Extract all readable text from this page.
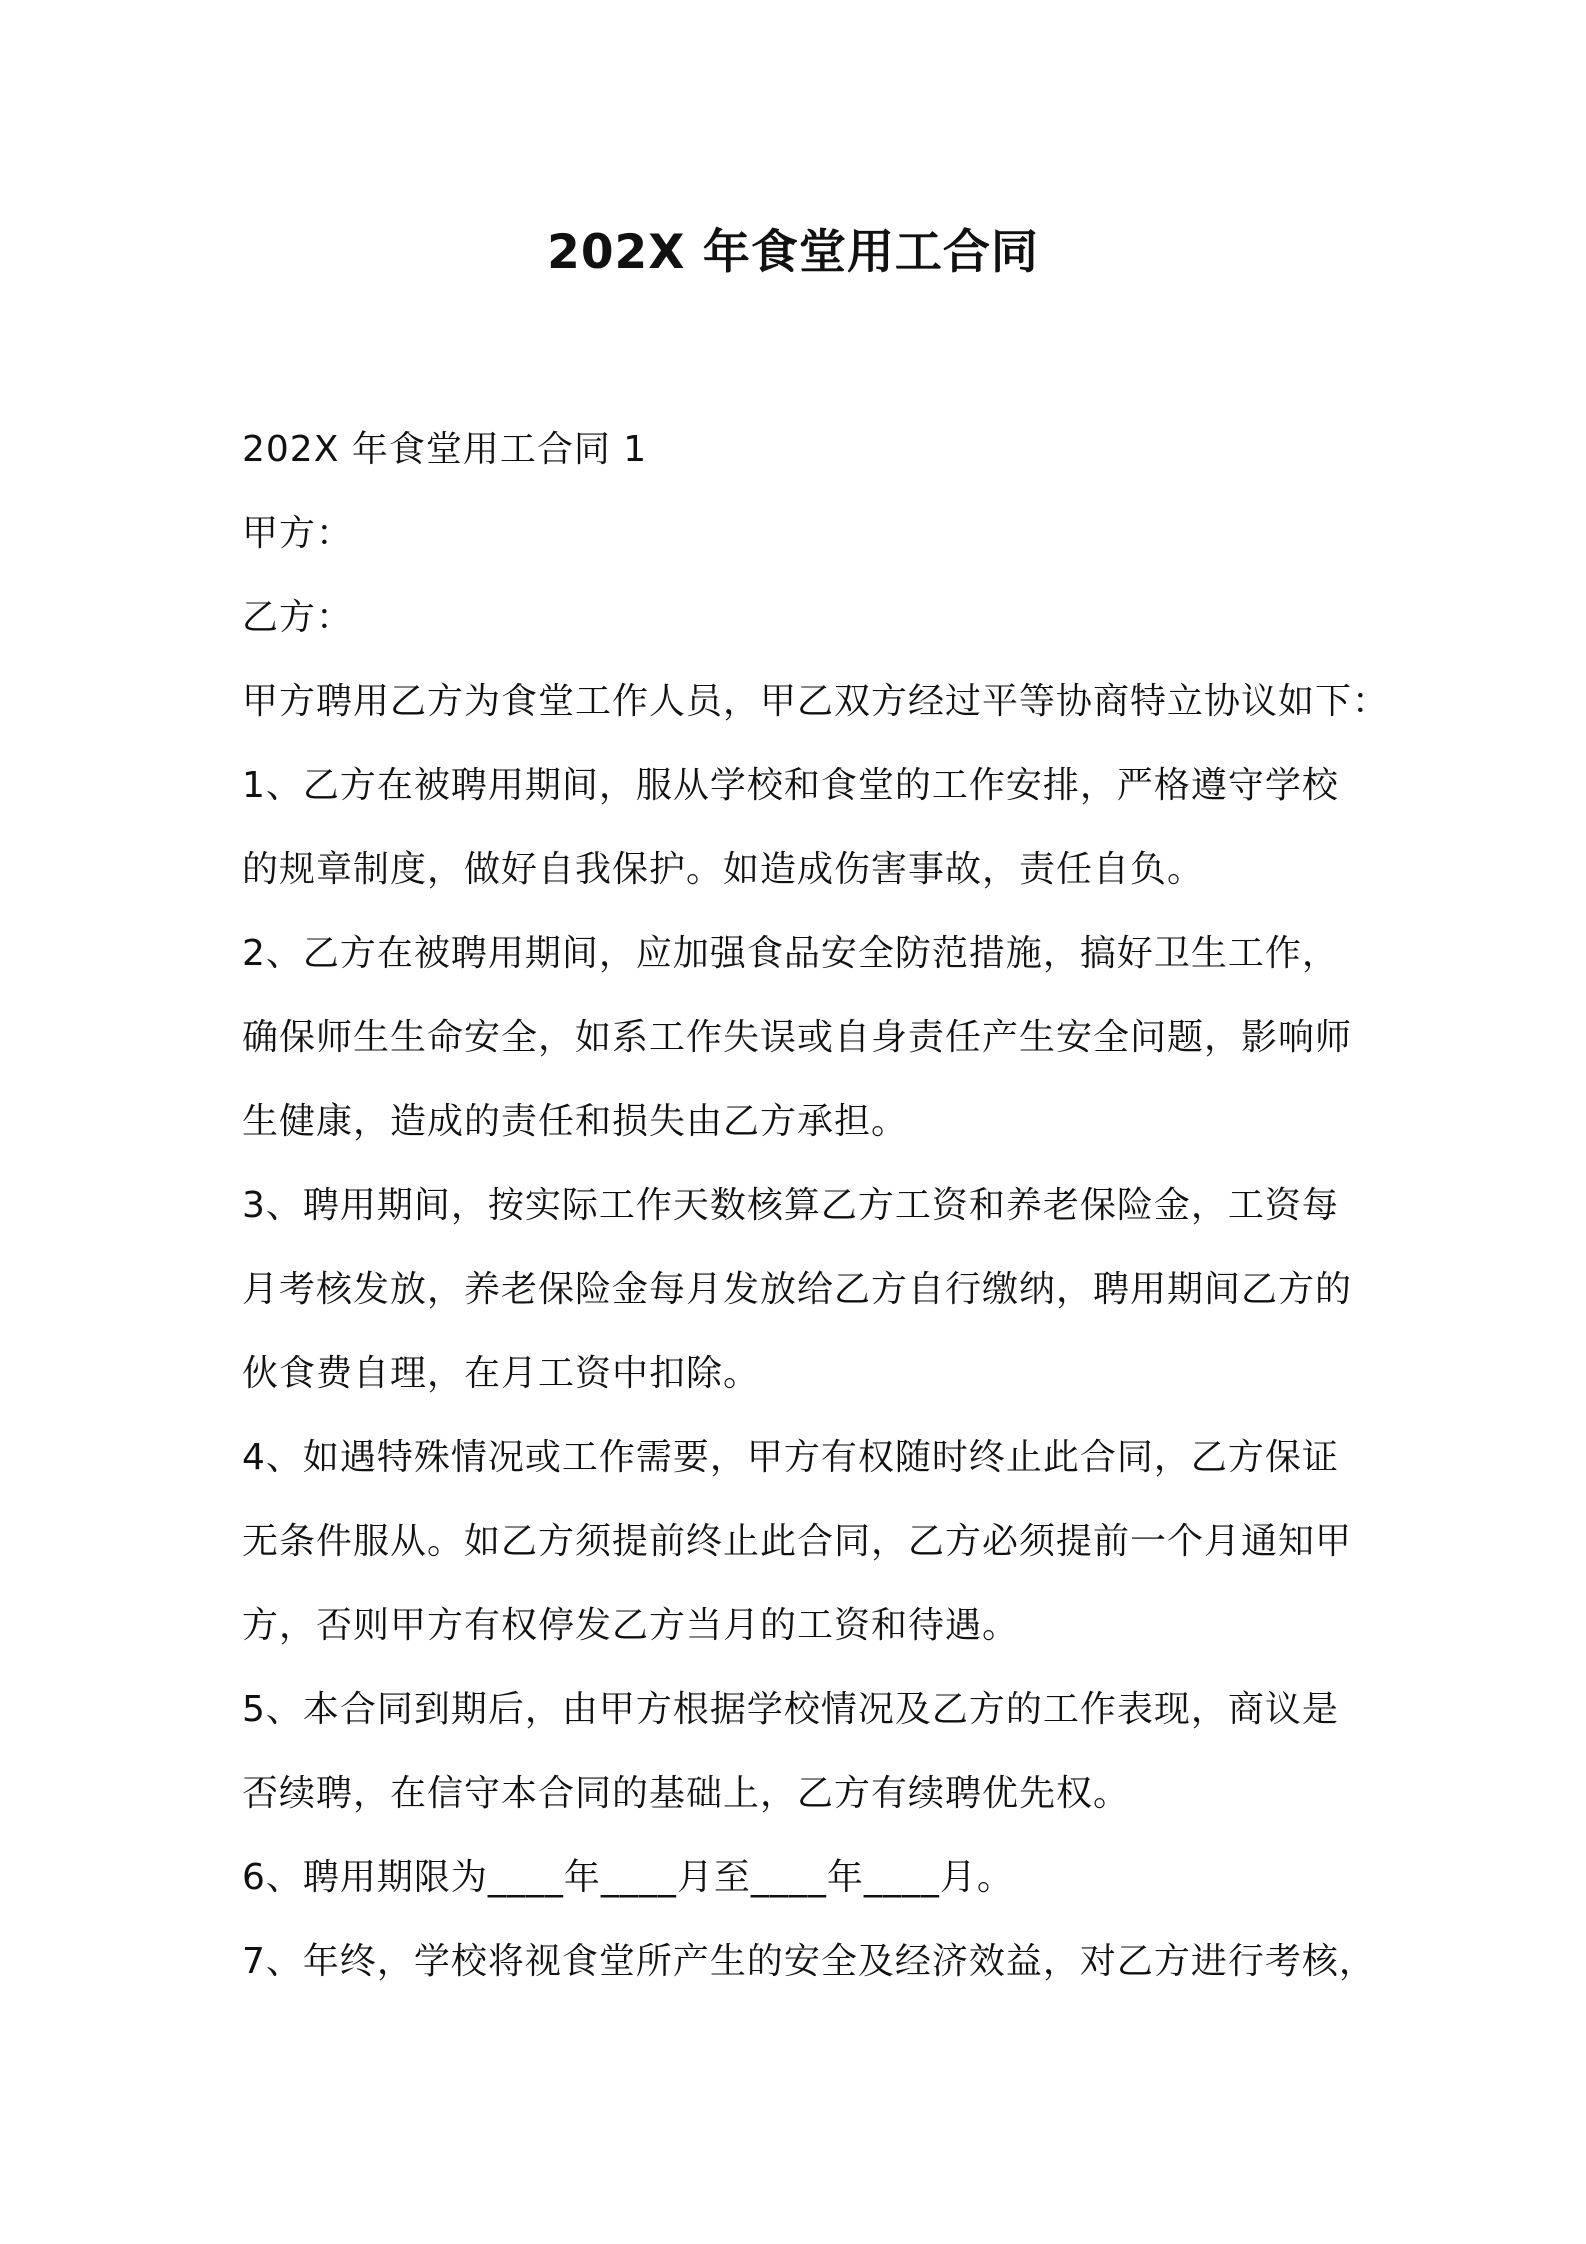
202X 年食堂用工合同
202X 年食堂用工合同 1
甲方：
乙方：
甲方聘用乙方为食堂工作人员，甲乙双方经过平等协商特立协议如下：
1、乙方在被聘用期间，服从学校和食堂的工作安排，严格遵守学校
的规章制度，做好自我保护。如造成伤害事故，责任自负。
2、乙方在被聘用期间，应加强食品安全防范措施，搞好卫生工作，
确保师生生命安全，如系工作失误或自身责任产生安全问题，影响师
生健康，造成的责任和损失由乙方承担。
3、聘用期间，按实际工作天数核算乙方工资和养老保险金，工资每
月考核发放，养老保险金每月发放给乙方自行缴纳，聘用期间乙方的
伙食费自理，在月工资中扣除。
4、如遇特殊情况或工作需要，甲方有权随时终止此合同，乙方保证
无条件服从。如乙方须提前终止此合同，乙方必须提前一个月通知甲
方，否则甲方有权停发乙方当月的工资和待遇。
5、本合同到期后，由甲方根据学校情况及乙方的工作表现，商议是
否续聘，在信守本合同的基础上，乙方有续聘优先权。
6、聘用期限为____年____月至____年____月。
7、年终，学校将视食堂所产生的安全及经济效益，对乙方进行考核，
